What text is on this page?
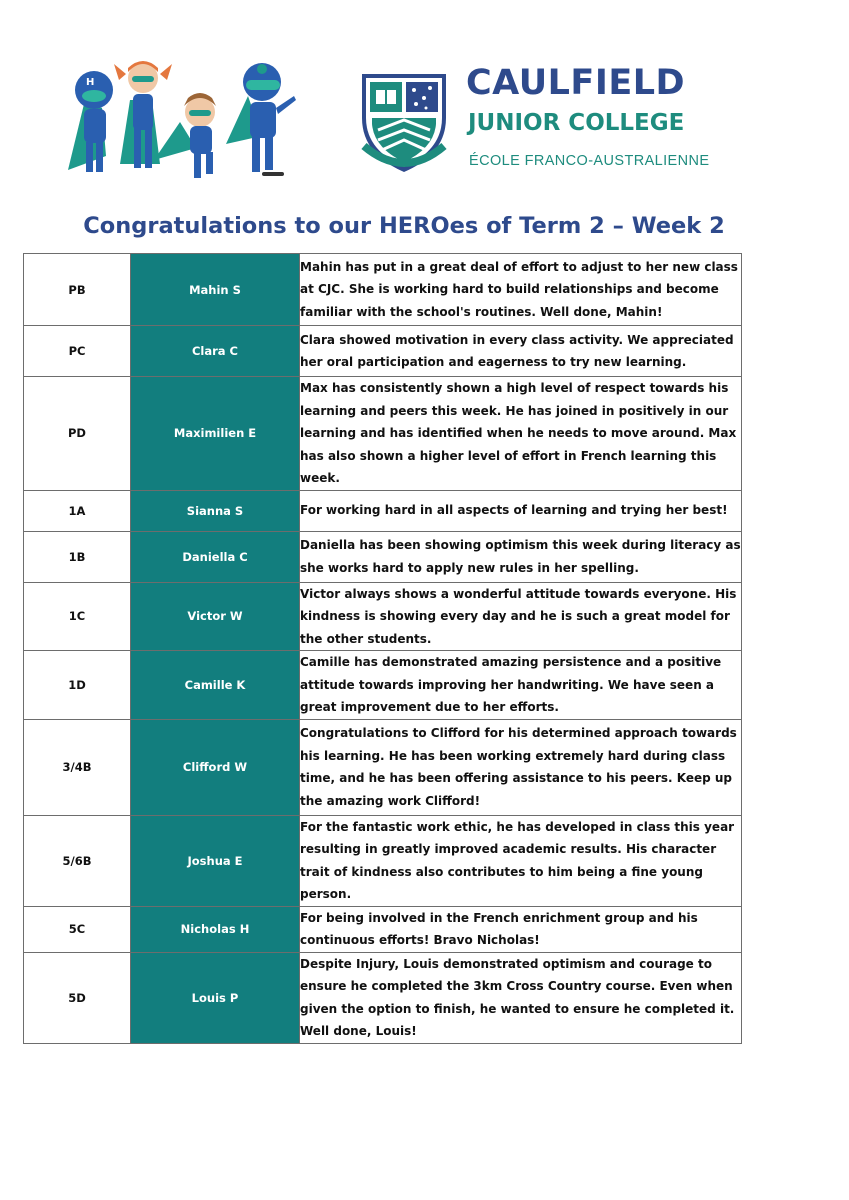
H	CAULFIELD
JUNIOR COLLEGE
ÉCOLE FRANCO-AUSTRALIENNE
Congratulations to our HEROes of Term 2 – Week 2
PB	Mahin S	Mahin has put in a great deal of effort to adjust to her new class at CJC. She is working hard to build relationships and become familiar with the school's routines. Well done, Mahin!
PC	Clara C	Clara showed motivation in every class activity. We appreciated her oral participation and eagerness to try new learning.
PD	Maximilien E	Max has consistently shown a high level of respect towards his learning and peers this week. He has joined in positively in our learning and has identified when he needs to move around. Max has also shown a higher level of effort in French learning this week.
1A	Sianna S	For working hard in all aspects of learning and trying her best!
1B	Daniella C	Daniella has been showing optimism this week during literacy as she works hard to apply new rules in her spelling.
1C	Victor W	Victor always shows a wonderful attitude towards everyone. His kindness is showing every day and he is such a great model for the other students.
1D	Camille K	Camille has demonstrated amazing persistence and a positive attitude towards improving her handwriting. We have seen a great improvement due to her efforts.
3/4B	Clifford W	Congratulations to Clifford for his determined approach towards his learning. He has been working extremely hard during class time, and he has been offering assistance to his peers. Keep up the amazing work Clifford!
5/6B	Joshua E	For the fantastic work ethic, he has developed in class this year resulting in greatly improved academic results. His character trait of kindness also contributes to him being a fine young person.
5C	Nicholas H	For being involved in the French enrichment group and his continuous efforts! Bravo Nicholas!
5D	Louis P	Despite Injury, Louis demonstrated optimism and courage to ensure he completed the 3km Cross Country course. Even when given the option to finish, he wanted to ensure he completed it. Well done, Louis!
